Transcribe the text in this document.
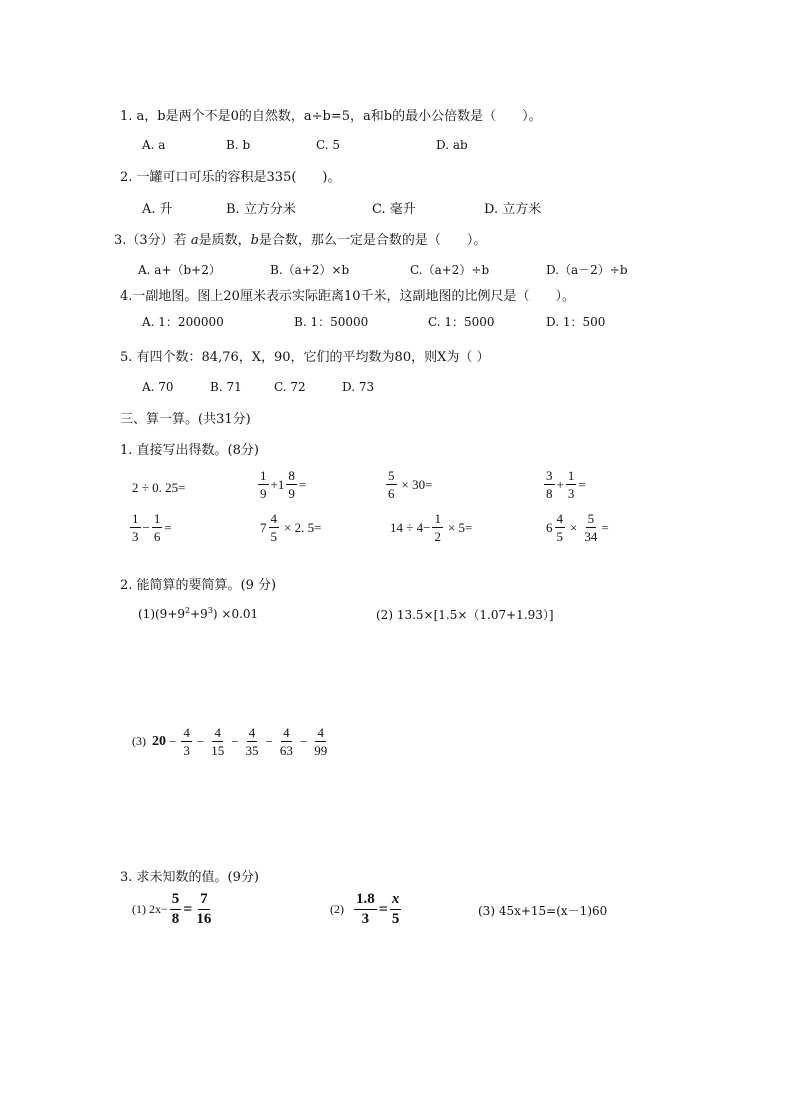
1. a，b是两个不是0的自然数，a÷b=5，a和b的最小公倍数是（　　）。
A. a	B. b	C. 5	D. ab
2. 一罐可口可乐的容积是335(　　)。
A. 升	B. 立方分米	C. 毫升	D. 立方米
3.（3分）若 a是质数，b是合数，那么一定是合数的是（　　）。
A. a+（b+2）	B.（a+2）×b	C.（a+2）÷b	D.（a－2）÷b
4.一副地图。图上20厘米表示实际距离10千米，这副地图的比例尺是（　　）。
A. 1：200000	B. 1：50000	C. 1：5000	D. 1：500
5. 有四个数：84,76，X，90，它们的平均数为80，则X为（ ）
A. 70	B. 71	C. 72	D. 73
三、算一算。(共31分)
1. 直接写出得数。(8分)
2 ÷ 0. 25=	$\frac{1}{9} +1 \frac{8}{9}$ =	$\frac{5}{6} \times 30=$	$\frac{3}{8} + \frac{1}{3}$ =
$\frac{1}{3} - \frac{1}{6}$ =	$7 \frac{4}{5} \times 2$. 5=	$14 \div 4- \frac{1}{2} \times 5=$	$6 \frac{4}{5} \times \frac{5}{34}$ =
2. 能简算的要简算。(9 分)
$(1)(9+9^2+9^3) \times 0.01$	(2) 13.5×[1.5×（1.07+1.93）]
(3) $20 - \frac{4}{3} - \frac{4}{15} - \frac{4}{35} - \frac{4}{63} - \frac{4}{99}$
3. 求未知数的值。(9分)
(1) $2x- \frac{5}{8} = \frac{7}{16}$	$(2) \frac{1.8}{3} = \frac{x}{5}$	(3) 45x+15=(x－1)60
